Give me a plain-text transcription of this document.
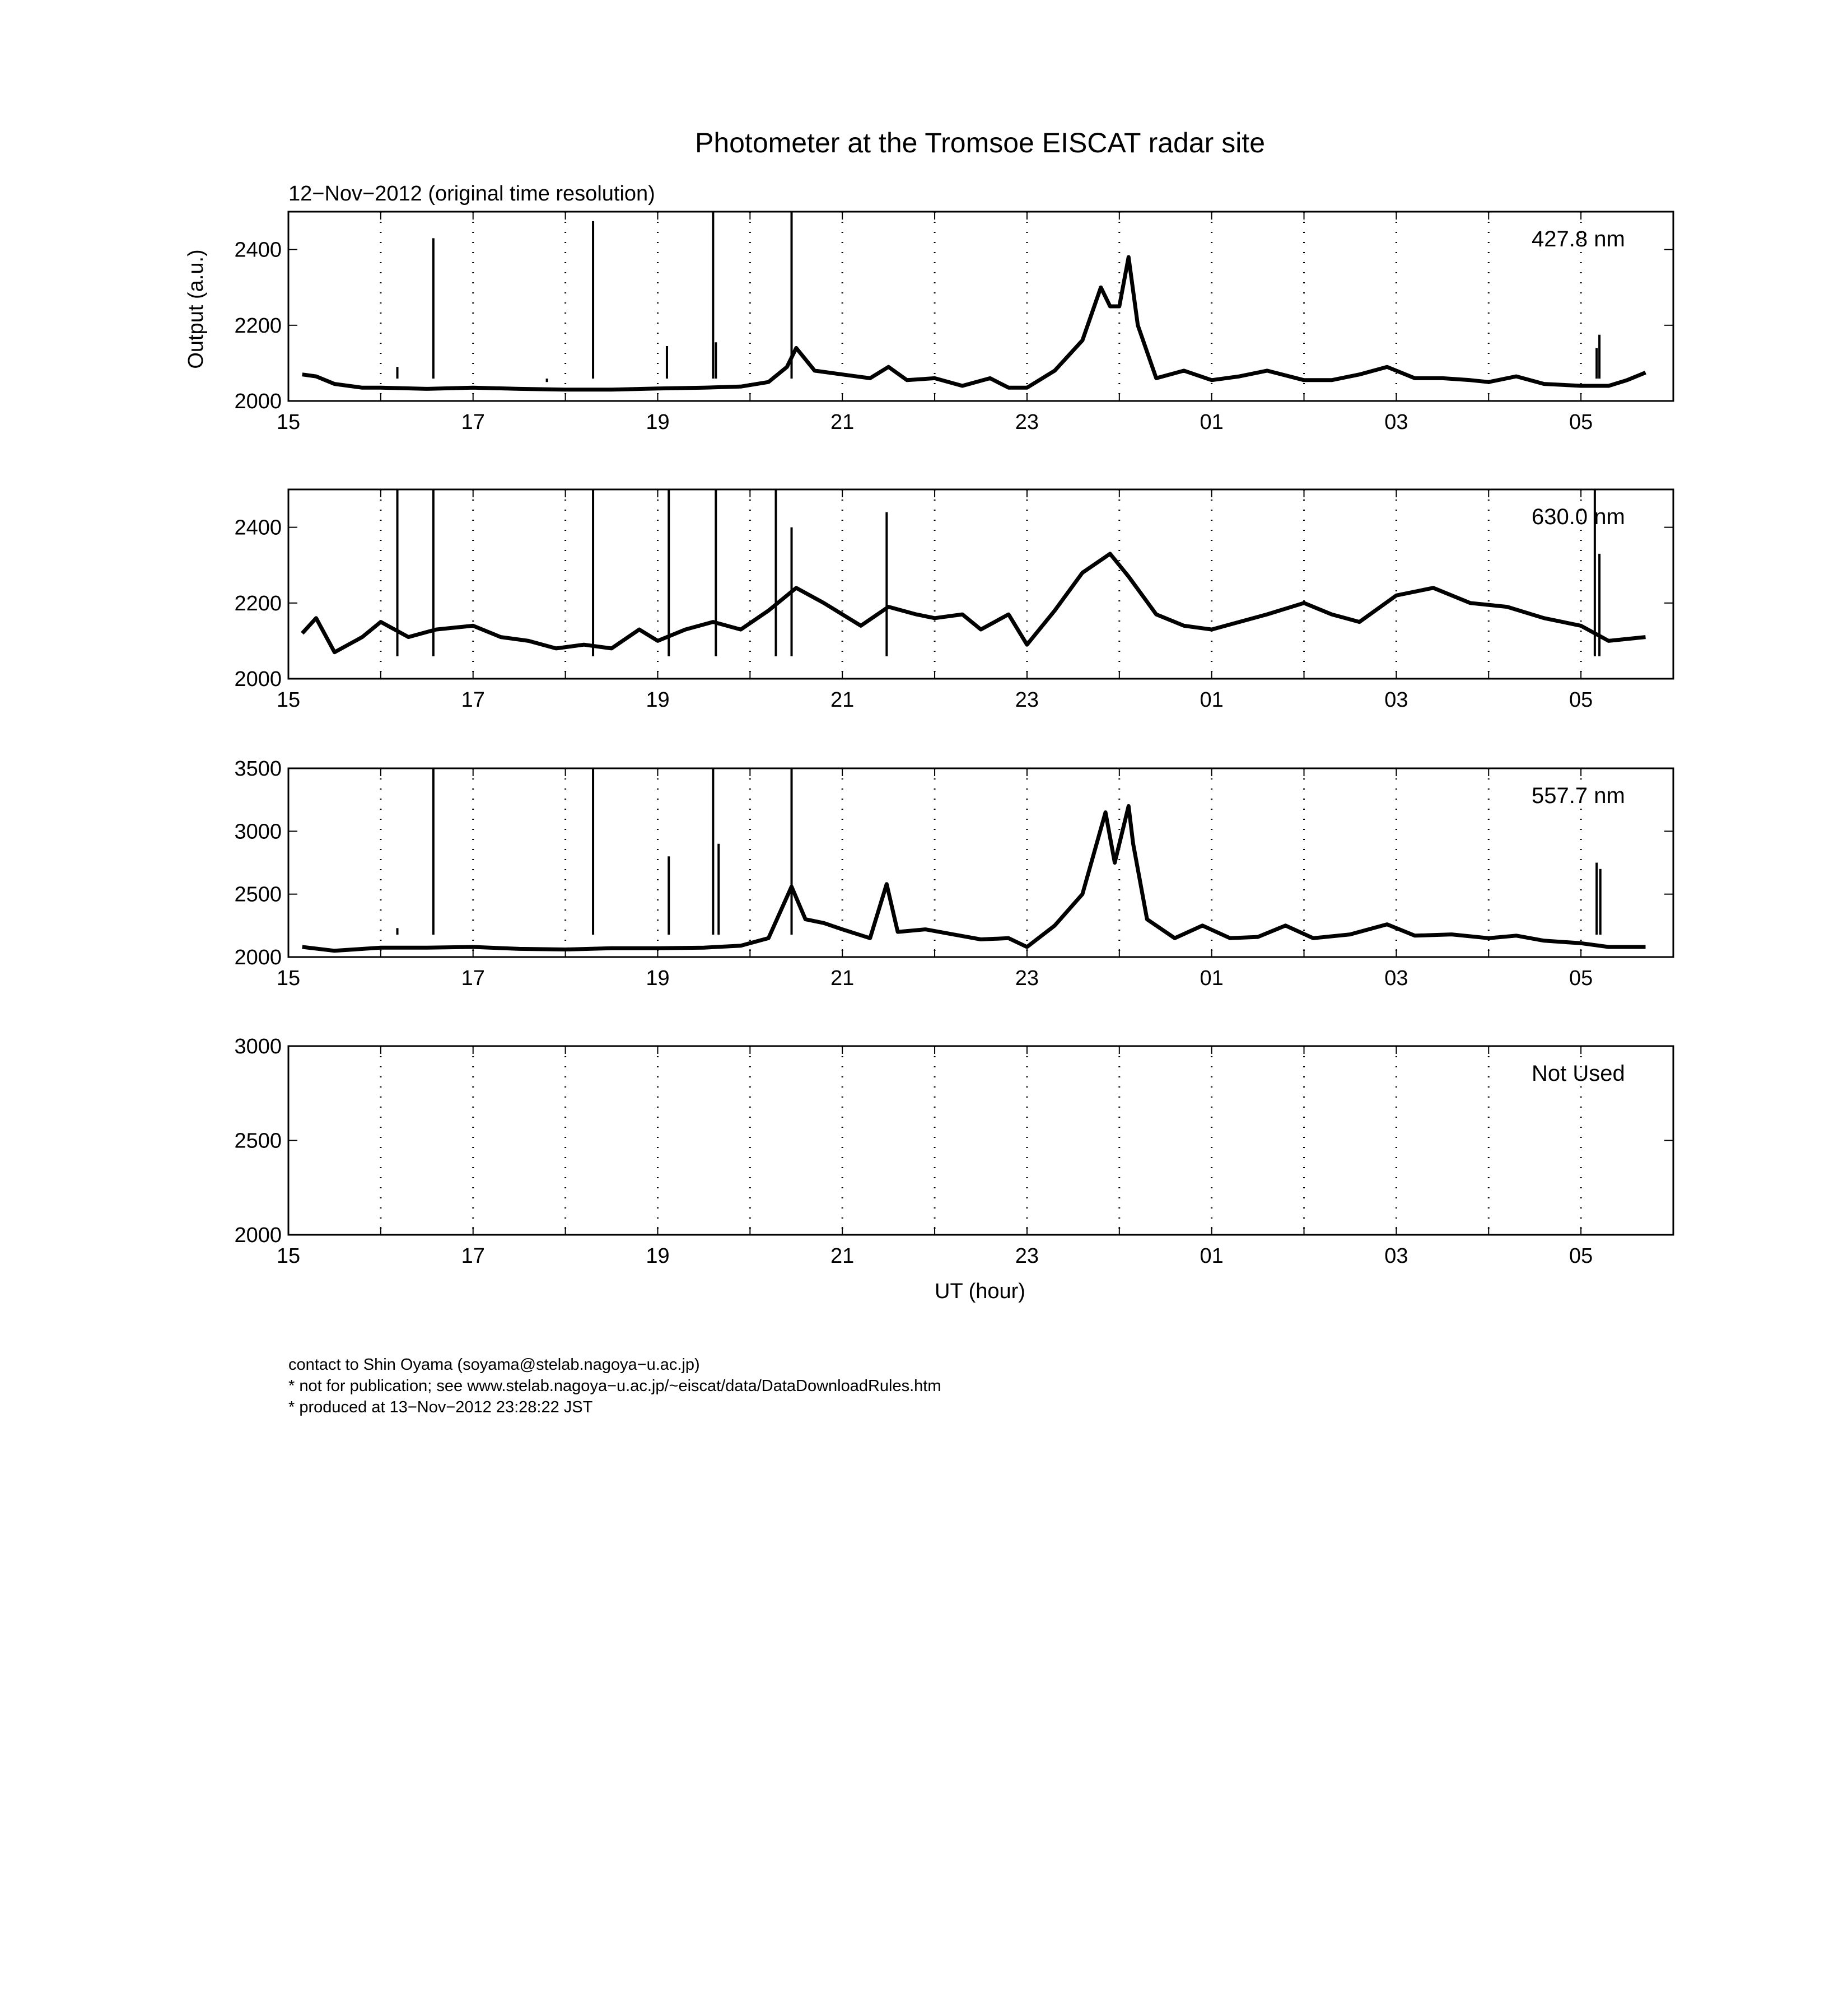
Photometer at the Tromsoe EISCAT radar site
12−Nov−2012 (original time resolution)
Output (a.u.)
UT (hour)
15	17	19	21	23	01	03	05
2000
2200
2400	427.8 nm
15	17	19	21	23	01	03	05
2000
2200
2400	630.0 nm
15	17	19	21	23	01	03	05
2000
2500
3000
3500
557.7 nm
15	17	19	21	23	01	03	05
2000
2500
3000
Not Used
contact to Shin Oyama (soyama@stelab.nagoya−u.ac.jp)
* not for publication; see www.stelab.nagoya−u.ac.jp/~eiscat/data/DataDownloadRules.htm
* produced at 13−Nov−2012 23:28:22 JST
